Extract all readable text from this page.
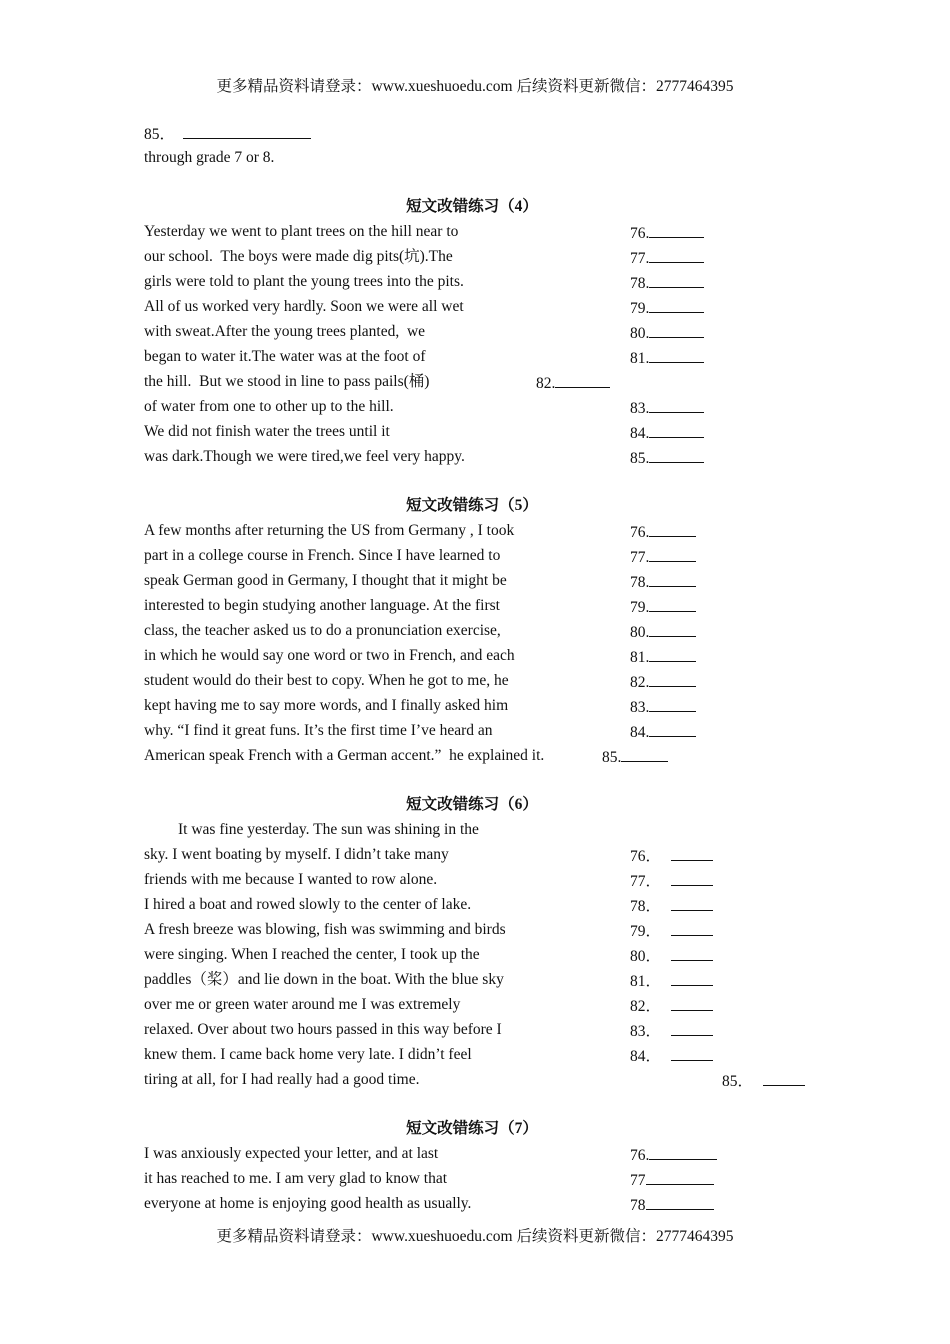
更多精品资料请登录：www.xueshuoedu.com 后续资料更新微信：2777464395
85．
through grade 7 or 8.
短文改错练习（4）
Yesterday we went to plant trees on the hill near to
our school.  The boys were made dig pits(坑).The
girls were told to plant the young trees into the pits.
All of us worked very hardly. Soon we were all wet
with sweat.After the young trees planted,  we
began to water it.The water was at the foot of
the hill.  But we stood in line to pass pails(桶)
of water from one to other up to the hill.
We did not finish water the trees until it
was dark.Though we were tired,we feel very happy.
76.
77.
78.
79.
80.
81.
82.
83.
84.
85.
短文改错练习（5）
A few months after returning the US from Germany , I took
part in a college course in French. Since I have learned to
speak German good in Germany, I thought that it might be
interested to begin studying another language. At the first
class, the teacher asked us to do a pronunciation exercise,
in which he would say one word or two in French, and each
student would do their best to copy. When he got to me, he
kept having me to say more words, and I finally asked him
why. “I find it great funs. It’s the first time I’ve heard an
American speak French with a German accent.”  he explained it.
76.
77.
78.
79.
80.
81.
82.
83.
84.
85.
短文改错练习（6）
It was fine yesterday. The sun was shining in the
sky. I went boating by myself. I didn’t take many
friends with me because I wanted to row alone.
I hired a boat and rowed slowly to the center of lake.
A fresh breeze was blowing, fish was swimming and birds
were singing. When I reached the center, I took up the
paddles（桨）and lie down in the boat. With the blue sky
over me or green water around me I was extremely
relaxed. Over about two hours passed in this way before I
knew them. I came back home very late. I didn’t feel
tiring at all, for I had really had a good time.
76．
77．
78．
79．
80．
81．
82．
83．
84．
85．
短文改错练习（7）
I was anxiously expected your letter, and at last
it has reached to me. I am very glad to know that
everyone at home is enjoying good health as usually.
76.
77
78
更多精品资料请登录：www.xueshuoedu.com 后续资料更新微信：2777464395
